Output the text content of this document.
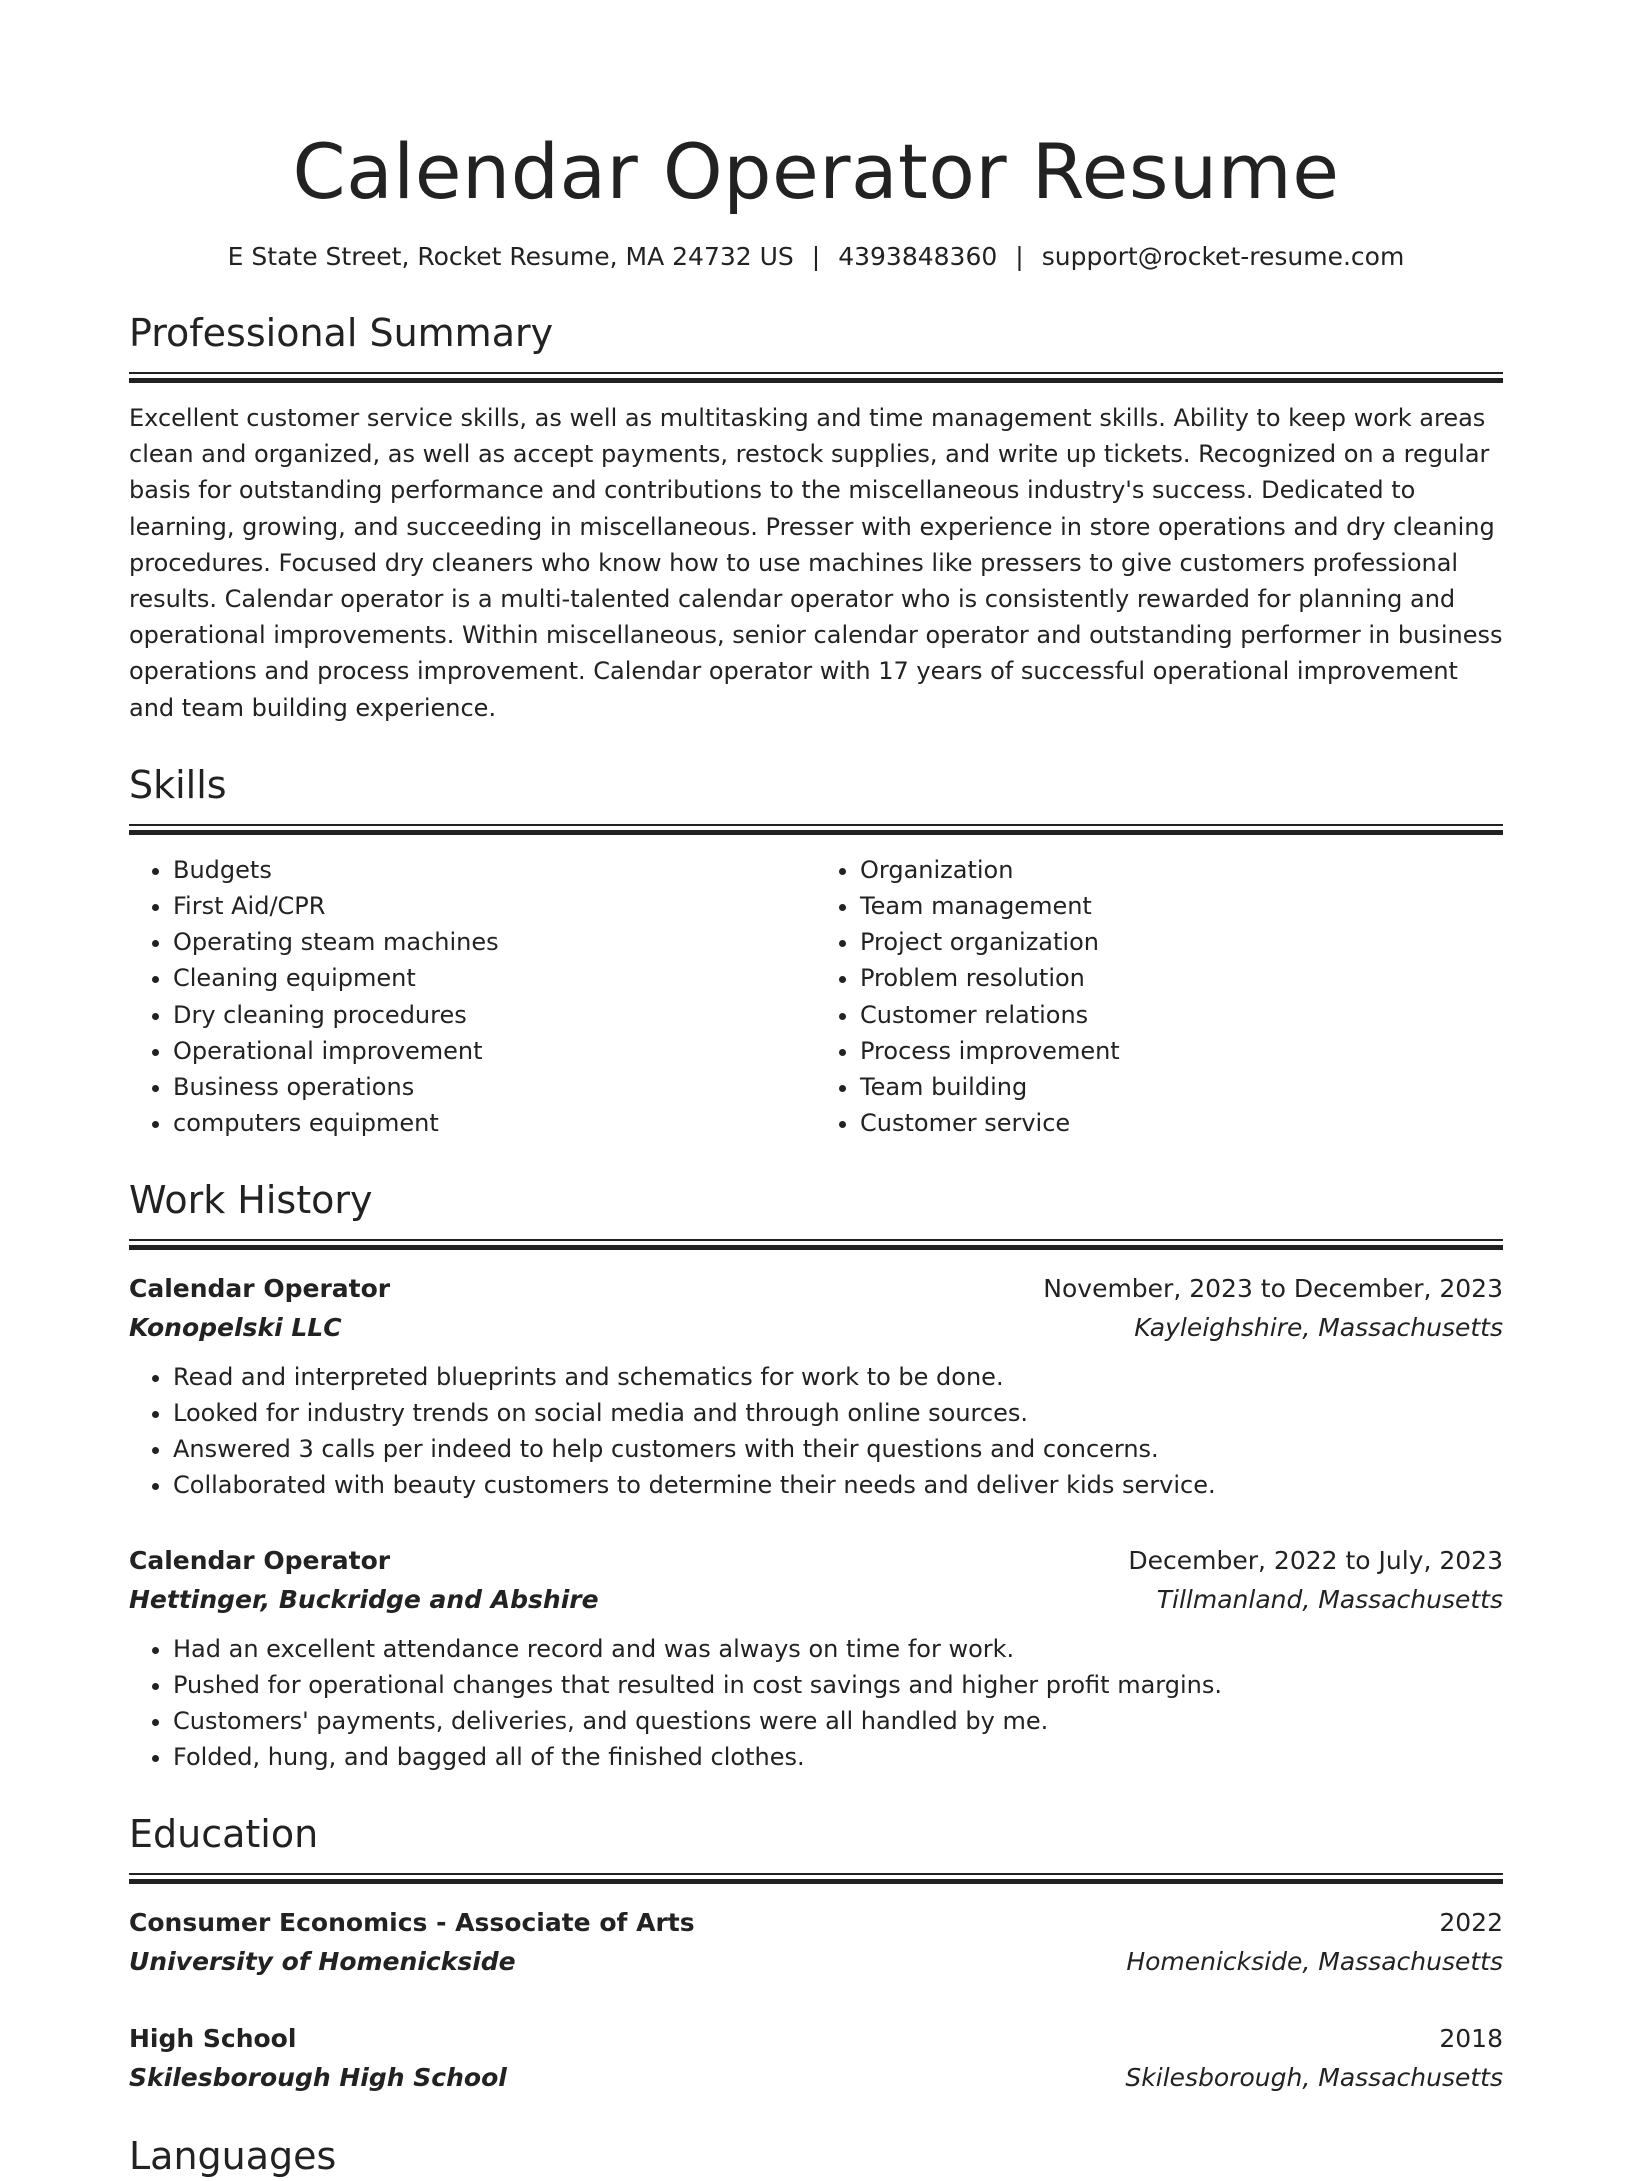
Calendar Operator Resume
E State Street, Rocket Resume, MA 24732 US | 4393848360 | support@rocket-resume.com
Professional Summary
Excellent customer service skills, as well as multitasking and time management skills. Ability to keep work areas clean and organized, as well as accept payments, restock supplies, and write up tickets. Recognized on a regular basis for outstanding performance and contributions to the miscellaneous industry's success. Dedicated to learning, growing, and succeeding in miscellaneous. Presser with experience in store operations and dry cleaning procedures. Focused dry cleaners who know how to use machines like pressers to give customers professional results. Calendar operator is a multi-talented calendar operator who is consistently rewarded for planning and operational improvements. Within miscellaneous, senior calendar operator and outstanding performer in business operations and process improvement. Calendar operator with 17 years of successful operational improvement and team building experience.
Skills
• Budgets
• First Aid/CPR
• Operating steam machines
• Cleaning equipment
• Dry cleaning procedures
• Operational improvement
• Business operations
• computers equipment
• Organization
• Team management
• Project organization
• Problem resolution
• Customer relations
• Process improvement
• Team building
• Customer service
Work History
Calendar Operator	November, 2023 to December, 2023
Konopelski LLC	Kayleighshire, Massachusetts
• Read and interpreted blueprints and schematics for work to be done.
• Looked for industry trends on social media and through online sources.
• Answered 3 calls per indeed to help customers with their questions and concerns.
• Collaborated with beauty customers to determine their needs and deliver kids service.
Calendar Operator	December, 2022 to July, 2023
Hettinger, Buckridge and Abshire	Tillmanland, Massachusetts
• Had an excellent attendance record and was always on time for work.
• Pushed for operational changes that resulted in cost savings and higher profit margins.
• Customers' payments, deliveries, and questions were all handled by me.
• Folded, hung, and bagged all of the finished clothes.
Education
Consumer Economics - Associate of Arts	2022
University of Homenickside	Homenickside, Massachusetts
High School	2018
Skilesborough High School	Skilesborough, Massachusetts
Languages
